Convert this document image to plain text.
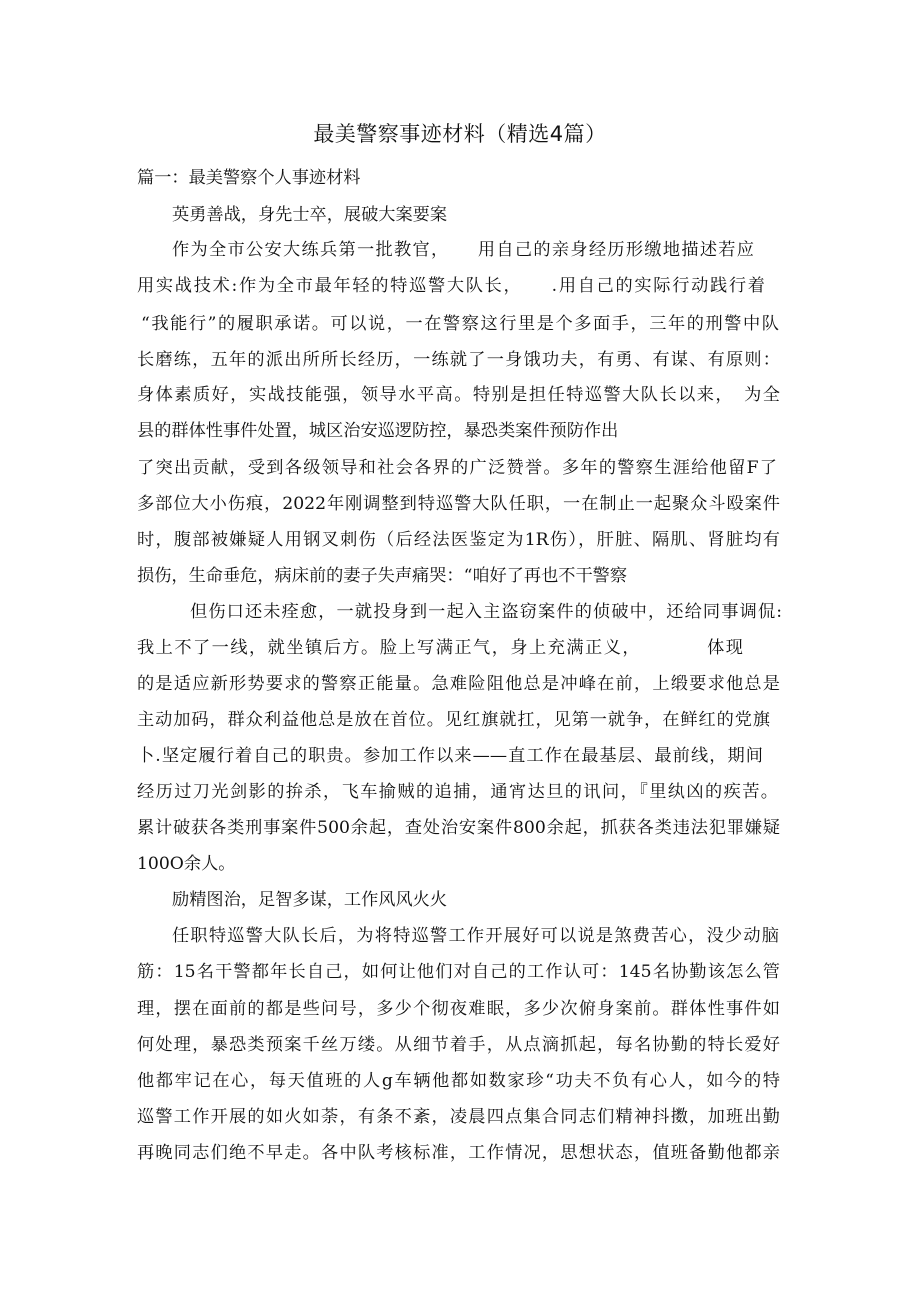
最美警察事迹材料（精选4篇）
篇一：最美警察个人事迹材料
英勇善战，身先士卒，展破大案要案
作为全市公安大练兵第一批教官，　　用自己的亲身经历形缴地描述若应
用实战技术:作为全市最年轻的特巡警大队长，　　.用自己的实际行动践行着
“我能行”的履职承诺。可以说，一在警察这行里是个多面手，三年的刑警中队
长磨练，五年的派出所所长经历，一练就了一身饿功夫，有勇、有谋、有原则：
身体素质好，实战技能强，领导水平高。特别是担任特巡警大队长以来，　为全
县的群体性事件处置，城区治安巡逻防控，暴恐类案件预防作出
了突出贡献，受到各级领导和社会各界的广泛赞誉。多年的警察生涯给他留F了
多部位大小伤痕，2022年刚调整到特巡警大队任职，一在制止一起聚众斗殴案件
时，腹部被嫌疑人用钢叉刺伤（后经法医鉴定为1R伤），肝脏、隔肌、肾脏均有
损伤，生命垂危，病床前的妻子失声痛哭：“咱好了再也不干警察
但伤口还未痊愈，一就投身到一起入主盗窃案件的侦破中，还给同事调侃:
我上不了一线，就坐镇后方。脸上写满正气，身上充满正义，　　　　体现
的是适应新形势要求的警察正能量。急难险阻他总是冲峰在前，上缎要求他总是
主动加码，群众利益他总是放在首位。见红旗就扛，见第一就争，在鲜红的党旗
卜.坚定履行着自己的职贵。参加工作以来——直工作在最基层、最前线，期间
经历过刀光剑影的拚杀，飞车揄贼的追捕，通宵达旦的讯问，『里纨凶的疾苦。
累计破获各类刑事案件500余起，查处治安案件800余起，抓获各类违法犯罪嫌疑
100O余人。
励精图治，足智多谋，工作风风火火
任职特巡警大队长后，为将特巡警工作开展好可以说是煞费苦心，没少动脑
筋：15名干警都年长自己，如何让他们对自己的工作认可：145名协勤该怎么管
理，摆在面前的都是些问号，多少个彻夜难眠，多少次俯身案前。群体性事件如
何处理，暴恐类预案千丝万缕。从细节着手，从点滴抓起，每名协勤的特长爱好
他都牢记在心，每天值班的人g车辆他都如数家珍“功夫不负有心人，如今的特
巡警工作开展的如火如荼，有条不紊，凌晨四点集合同志们精神抖擞，加班出勤
再晚同志们绝不早走。各中队考核标准，工作情况，思想状态，值班备勤他都亲
